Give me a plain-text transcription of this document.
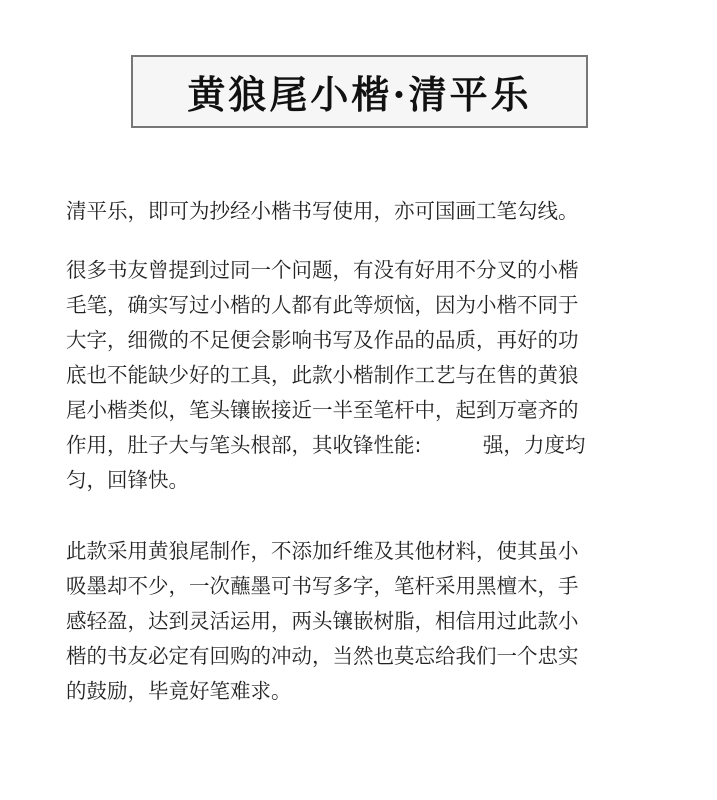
黄狼尾小楷·清平乐

清平乐，即可为抄经小楷书写使用，亦可国画工笔勾线。

很多书友曾提到过同一个问题，有没有好用不分叉的小楷
毛笔，确实写过小楷的人都有此等烦恼，因为小楷不同于
大字，细微的不足便会影响书写及作品的品质，再好的功
底也不能缺少好的工具，此款小楷制作工艺与在售的黄狼
尾小楷类似，笔头镶嵌接近一半至笔杆中，起到万毫齐的
作用，肚子大与笔头根部，其收锋性能:　　　强，力度均
匀，回锋快。

此款采用黄狼尾制作，不添加纤维及其他材料，使其虽小
吸墨却不少，一次蘸墨可书写多字，笔杆采用黑檀木，手
感轻盈，达到灵活运用，两头镶嵌树脂，相信用过此款小
楷的书友必定有回购的冲动，当然也莫忘给我们一个忠实
的鼓励，毕竟好笔难求。
